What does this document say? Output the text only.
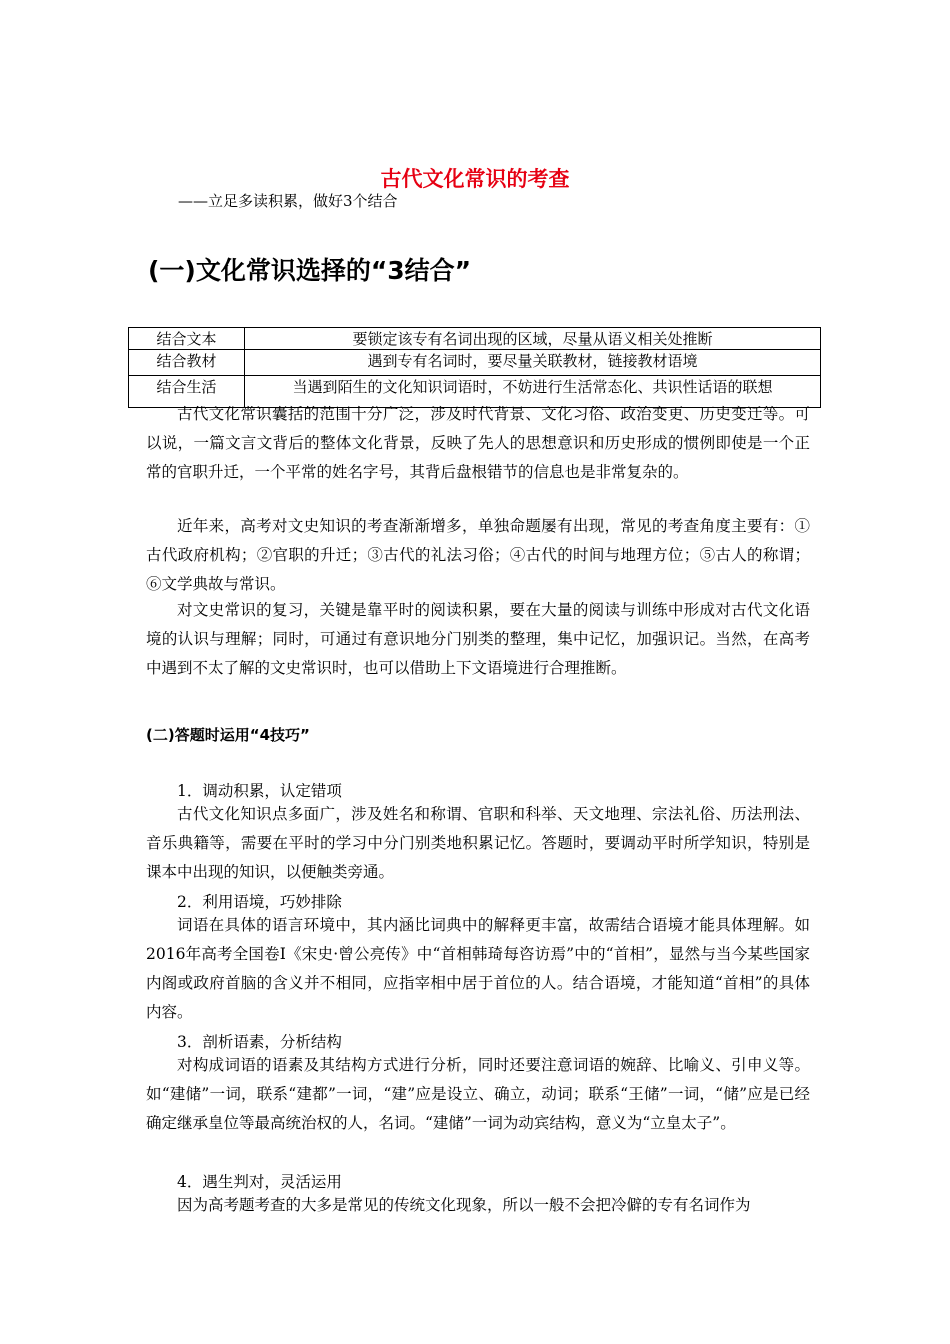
古代文化常识的考查
——立足多读积累，做好3个结合
(一)文化常识选择的“3结合”
结合文本	要锁定该专有名词出现的区域，尽量从语义相关处推断
结合教材	遇到专有名词时，要尽量关联教材，链接教材语境
结合生活	当遇到陌生的文化知识词语时，不妨进行生活常态化、共识性话语的联想

古代文化常识囊括的范围十分广泛，涉及时代背景、文化习俗、政治变更、历史变迁等。可以说，一篇文言文背后的整体文化背景，反映了先人的思想意识和历史形成的惯例即使是一个正常的官职升迁，一个平常的姓名字号，其背后盘根错节的信息也是非常复杂的。

近年来，高考对文史知识的考查渐渐增多，单独命题屡有出现，常见的考查角度主要有：①古代政府机构；②官职的升迁；③古代的礼法习俗；④古代的时间与地理方位；⑤古人的称谓；⑥文学典故与常识。

对文史常识的复习，关键是靠平时的阅读积累，要在大量的阅读与训练中形成对古代文化语境的认识与理解；同时，可通过有意识地分门别类的整理，集中记忆，加强识记。当然，在高考中遇到不太了解的文史常识时，也可以借助上下文语境进行合理推断。

(二)答题时运用“4技巧”
1．调动积累，认定错项

古代文化知识点多面广，涉及姓名和称谓、官职和科举、天文地理、宗法礼俗、历法刑法、音乐典籍等，需要在平时的学习中分门别类地积累记忆。答题时，要调动平时所学知识，特别是课本中出现的知识，以便触类旁通。

2．利用语境，巧妙排除

词语在具体的语言环境中，其内涵比词典中的解释更丰富，故需结合语境才能具体理解。如2016年高考全国卷Ⅰ《宋史·曾公亮传》中“首相韩琦每咨访焉”中的“首相”，显然与当今某些国家内阁或政府首脑的含义并不相同，应指宰相中居于首位的人。结合语境，才能知道“首相”的具体内容。

3．剖析语素，分析结构

对构成词语的语素及其结构方式进行分析，同时还要注意词语的婉辞、比喻义、引申义等。如“建储”一词，联系“建都”一词，“建”应是设立、确立，动词；联系“王储”一词，“储”应是已经确定继承皇位等最高统治权的人，名词。“建储”一词为动宾结构，意义为“立皇太子”。

4．遇生判对，灵活运用

因为高考题考查的大多是常见的传统文化现象，所以一般不会把冷僻的专有名词作为
